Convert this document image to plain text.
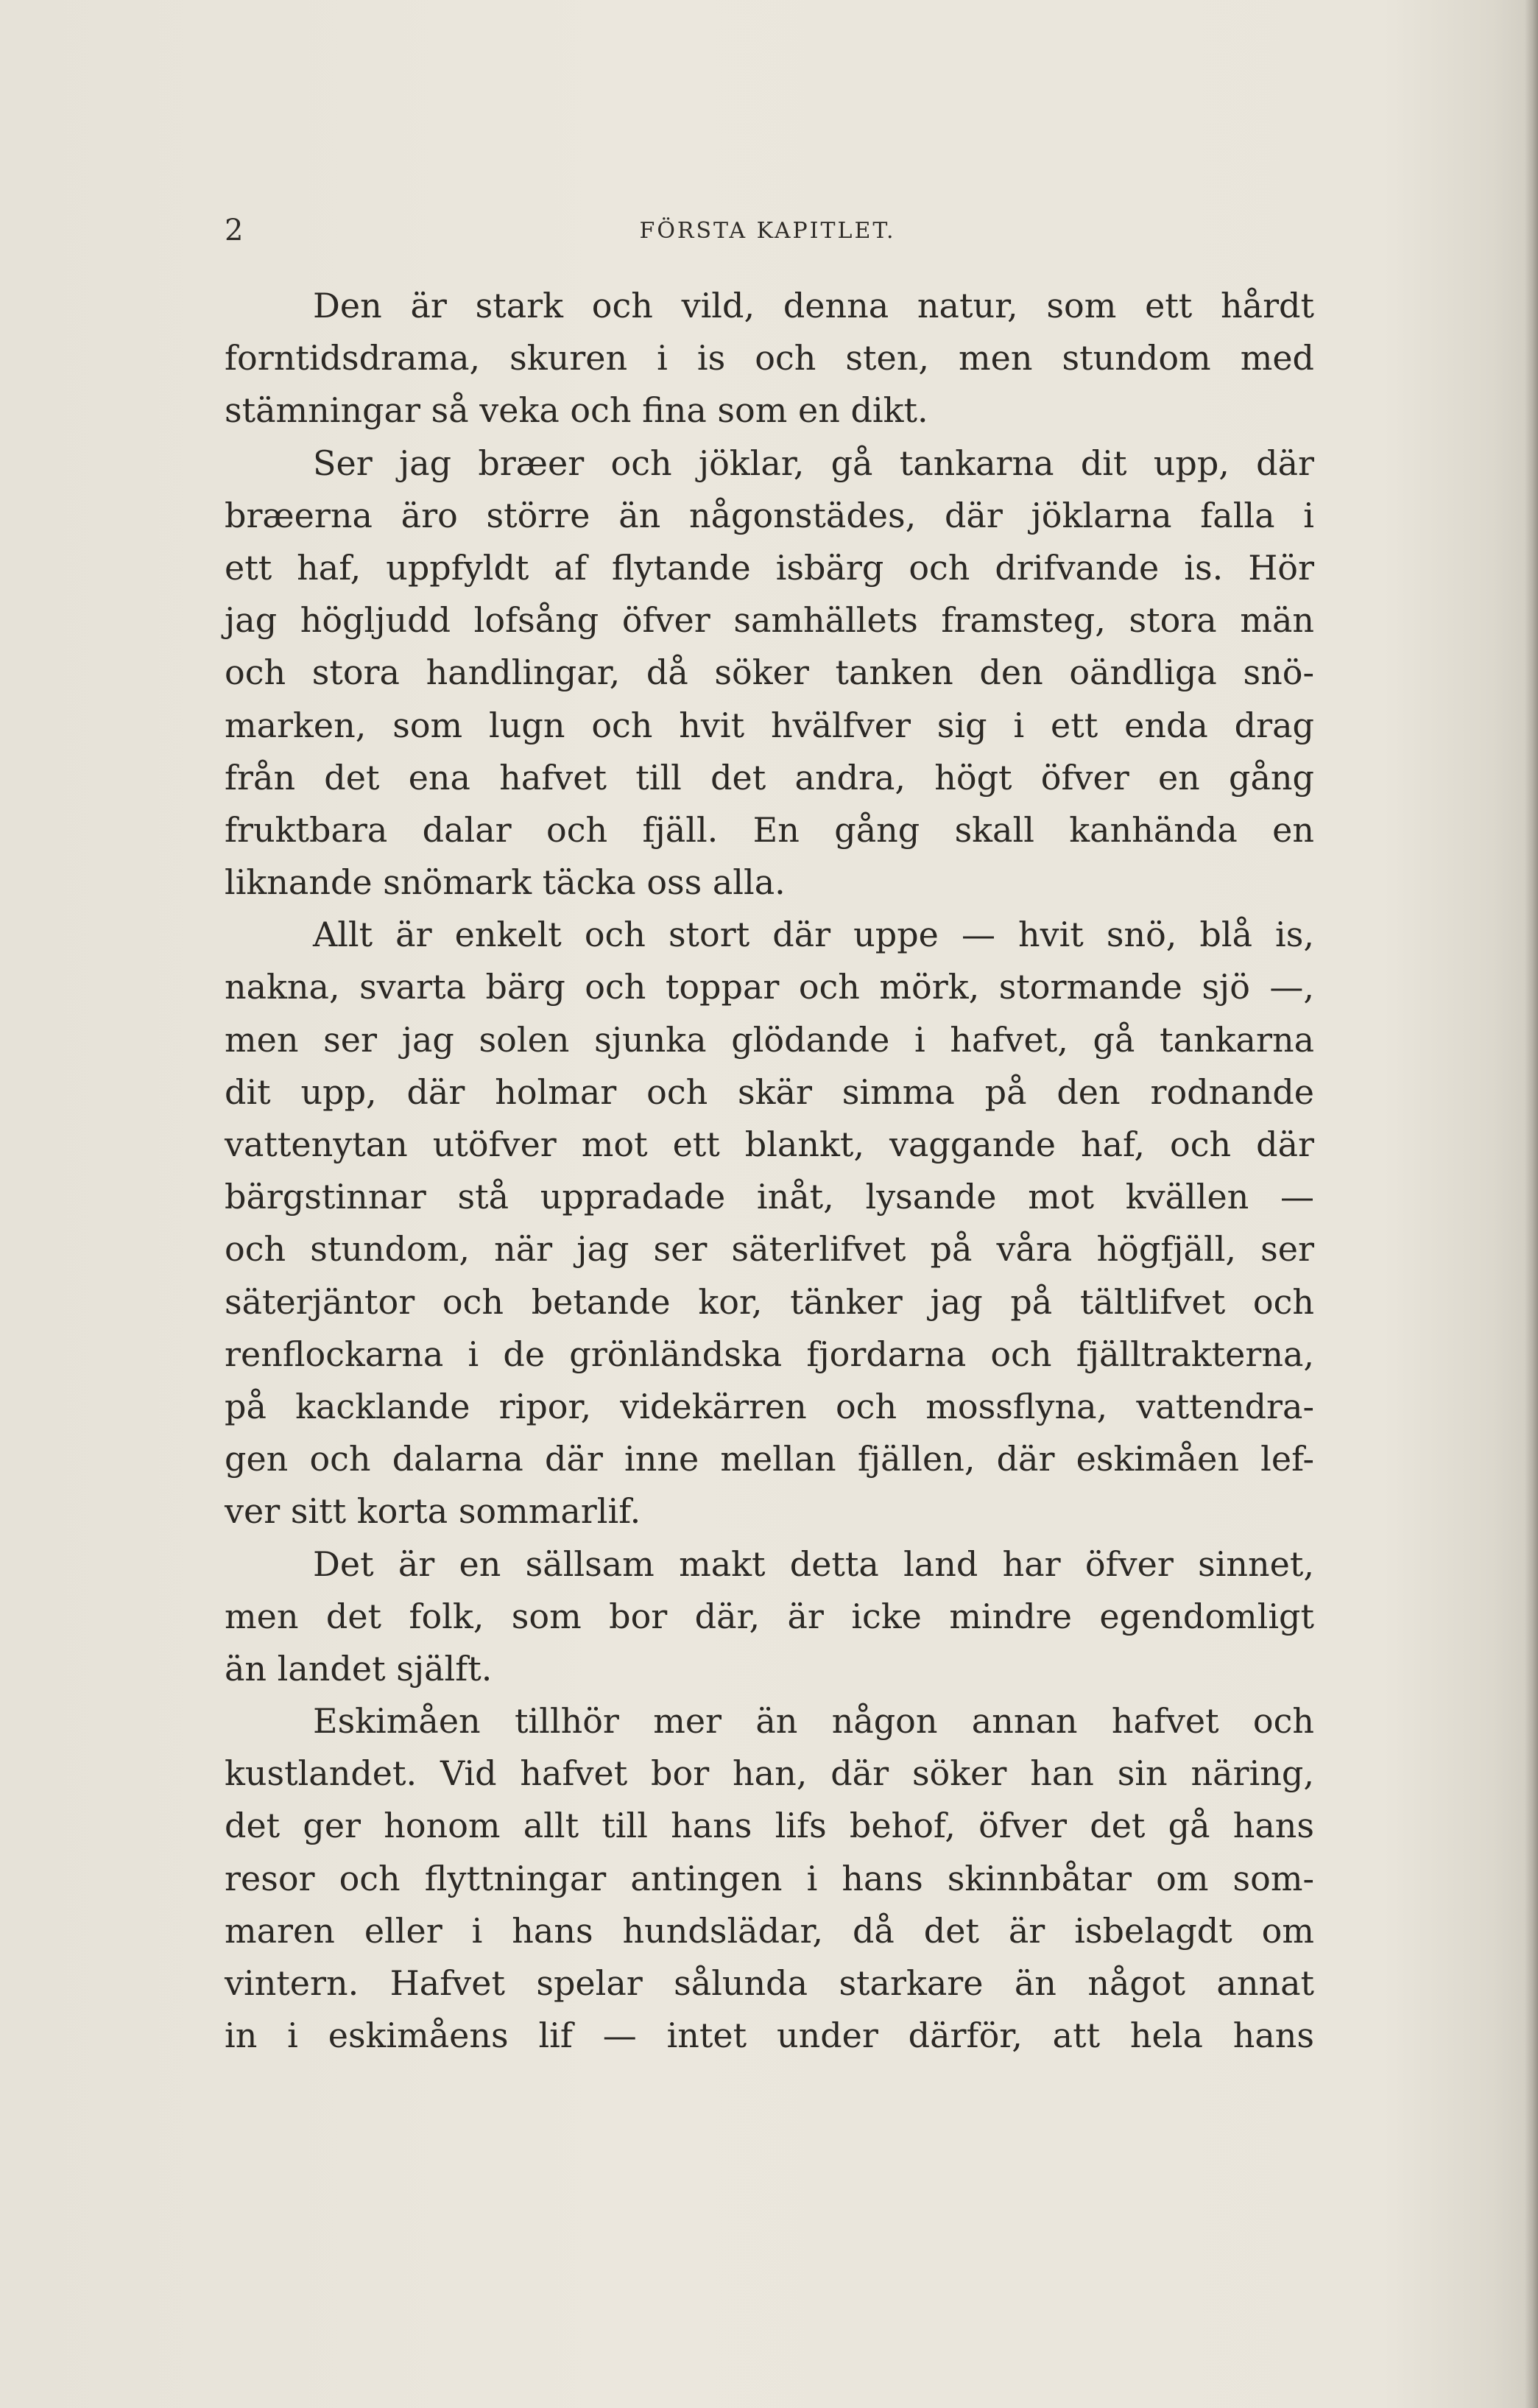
2	FÖRSTA KAPITLET.
Den är stark och vild, denna natur, som ett hårdt
forntidsdrama, skuren i is och sten, men stundom med
stämningar så veka och fina som en dikt.
Ser jag bræer och jöklar, gå tankarna dit upp, där
bræerna äro större än någonstädes, där jöklarna falla i
ett haf, uppfyldt af flytande isbärg och drifvande is. Hör
jag högljudd lofsång öfver samhällets framsteg, stora män
och stora handlingar, då söker tanken den oändliga snö-
marken, som lugn och hvit hvälfver sig i ett enda drag
från det ena hafvet till det andra, högt öfver en gång
fruktbara dalar och fjäll. En gång skall kanhända en
liknande snömark täcka oss alla.
Allt är enkelt och stort där uppe — hvit snö, blå is,
nakna, svarta bärg och toppar och mörk, stormande sjö —,
men ser jag solen sjunka glödande i hafvet, gå tankarna
dit upp, där holmar och skär simma på den rodnande
vattenytan utöfver mot ett blankt, vaggande haf, och där
bärgstinnar stå uppradade inåt, lysande mot kvällen —
och stundom, när jag ser säterlifvet på våra högfjäll, ser
säterjäntor och betande kor, tänker jag på tältlifvet och
renflockarna i de grönländska fjordarna och fjälltrakterna,
på kacklande ripor, videkärren och mossflyna, vattendra-
gen och dalarna där inne mellan fjällen, där eskimåen lef-
ver sitt korta sommarlif.
Det är en sällsam makt detta land har öfver sinnet,
men det folk, som bor där, är icke mindre egendomligt
än landet själft.
Eskimåen tillhör mer än någon annan hafvet och
kustlandet. Vid hafvet bor han, där söker han sin näring,
det ger honom allt till hans lifs behof, öfver det gå hans
resor och flyttningar antingen i hans skinnbåtar om som-
maren eller i hans hundslädar, då det är isbelagdt om
vintern. Hafvet spelar sålunda starkare än något annat
in i eskimåens lif — intet under därför, att hela hans
